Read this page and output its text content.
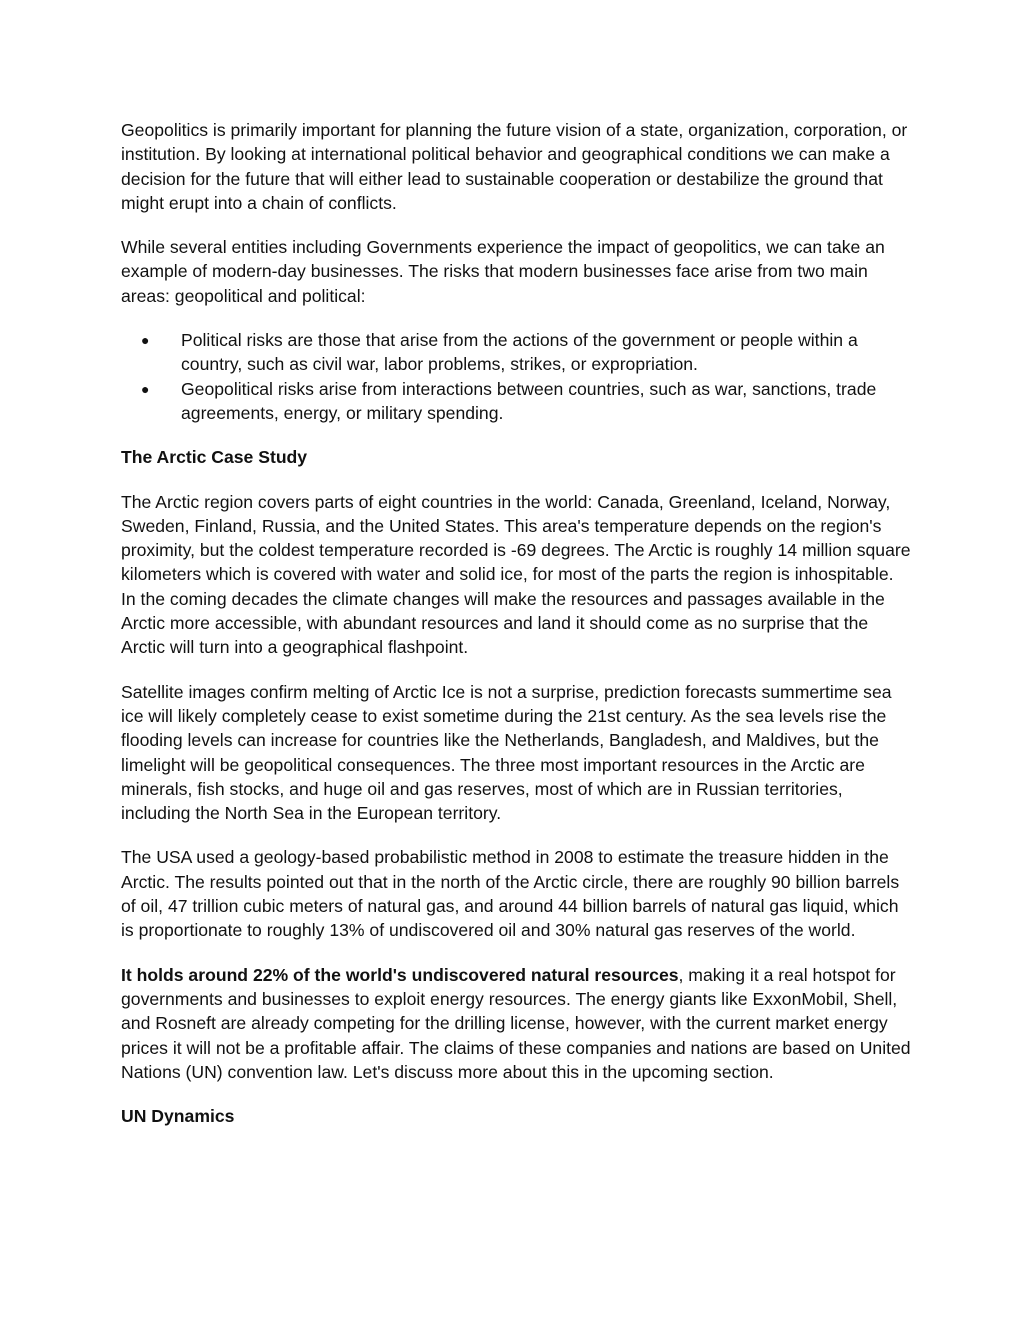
Geopolitics is primarily important for planning the future vision of a state, organization, corporation, or institution. By looking at international political behavior and geographical conditions we can make a decision for the future that will either lead to sustainable cooperation or destabilize the ground that might erupt into a chain of conflicts.

While several entities including Governments experience the impact of geopolitics, we can take an example of modern-day businesses. The risks that modern businesses face arise from two main areas: geopolitical and political:

● Political risks are those that arise from the actions of the government or people within a country, such as civil war, labor problems, strikes, or expropriation.
● Geopolitical risks arise from interactions between countries, such as war, sanctions, trade agreements, energy, or military spending.

The Arctic Case Study

The Arctic region covers parts of eight countries in the world: Canada, Greenland, Iceland, Norway, Sweden, Finland, Russia, and the United States. This area's temperature depends on the region's proximity, but the coldest temperature recorded is -69 degrees. The Arctic is roughly 14 million square kilometers which is covered with water and solid ice, for most of the parts the region is inhospitable. In the coming decades the climate changes will make the resources and passages available in the Arctic more accessible, with abundant resources and land it should come as no surprise that the Arctic will turn into a geographical flashpoint.

Satellite images confirm melting of Arctic Ice is not a surprise, prediction forecasts summertime sea ice will likely completely cease to exist sometime during the 21st century. As the sea levels rise the flooding levels can increase for countries like the Netherlands, Bangladesh, and Maldives, but the limelight will be geopolitical consequences. The three most important resources in the Arctic are minerals, fish stocks, and huge oil and gas reserves, most of which are in Russian territories, including the North Sea in the European territory.

The USA used a geology-based probabilistic method in 2008 to estimate the treasure hidden in the Arctic. The results pointed out that in the north of the Arctic circle, there are roughly 90 billion barrels of oil, 47 trillion cubic meters of natural gas, and around 44 billion barrels of natural gas liquid, which is proportionate to roughly 13% of undiscovered oil and 30% natural gas reserves of the world.

It holds around 22% of the world's undiscovered natural resources, making it a real hotspot for governments and businesses to exploit energy resources. The energy giants like ExxonMobil, Shell, and Rosneft are already competing for the drilling license, however, with the current market energy prices it will not be a profitable affair. The claims of these companies and nations are based on United Nations (UN) convention law. Let's discuss more about this in the upcoming section.

UN Dynamics
